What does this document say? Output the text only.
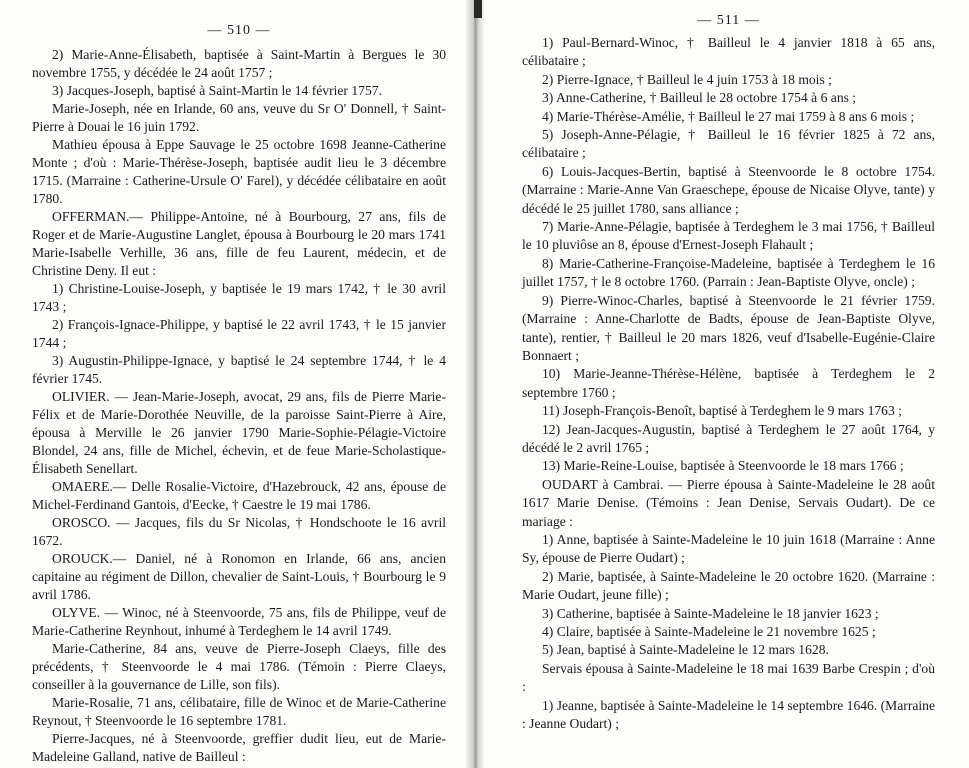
— 510 —

2) Marie-Anne-Élisabeth, baptisée à Saint-Martin à Bergues le 30 novembre 1755, y décédée le 24 août 1757 ;

3) Jacques-Joseph, baptisé à Saint-Martin le 14 février 1757.

Marie-Joseph, née en Irlande, 60 ans, veuve du Sr O' Donnell, † Saint-Pierre à Douai le 16 juin 1792.

Mathieu épousa à Eppe Sauvage le 25 octobre 1698 Jeanne-Catherine Monte ; d'où : Marie-Thérèse-Joseph, baptisée audit lieu le 3 décembre 1715. (Marraine : Catherine-Ursule O' Farel), y décédée célibataire en août 1780.

OFFERMAN.— Philippe-Antoine, né à Bourbourg, 27 ans, fils de Roger et de Marie-Augustine Langlet, épousa à Bourbourg le 20 mars 1741 Marie-Isabelle Verhille, 36 ans, fille de feu Laurent, médecin, et de Christine Deny. Il eut :

1) Christine-Louise-Joseph, y baptisée le 19 mars 1742, † le 30 avril 1743 ;

2) François-Ignace-Philippe, y baptisé le 22 avril 1743, † le 15 janvier 1744 ;

3) Augustin-Philippe-Ignace, y baptisé le 24 septembre 1744, † le 4 février 1745.

OLIVIER. — Jean-Marie-Joseph, avocat, 29 ans, fils de Pierre Marie-Félix et de Marie-Dorothée Neuville, de la paroisse Saint-Pierre à Aire, épousa à Merville le 26 janvier 1790 Marie-Sophie-Pélagie-Victoire Blondel, 24 ans, fille de Michel, échevin, et de feue Marie-Scholastique-Élisabeth Senellart.

OMAERE.— Delle Rosalie-Victoire, d'Hazebrouck, 42 ans, épouse de Michel-Ferdinand Gantois, d'Eecke, † Caestre le 19 mai 1786.

OROSCO. — Jacques, fils du Sr Nicolas, † Hondschoote le 16 avril 1672.

OROUCK.— Daniel, né à Ronomon en Irlande, 66 ans, ancien capitaine au régiment de Dillon, chevalier de Saint-Louis, † Bourbourg le 9 avril 1786.

OLYVE. — Winoc, né à Steenvoorde, 75 ans, fils de Philippe, veuf de Marie-Catherine Reynhout, inhumé à Terdeghem le 14 avril 1749.

Marie-Catherine, 84 ans, veuve de Pierre-Joseph Claeys, fille des précédents, † Steenvoorde le 4 mai 1786. (Témoin : Pierre Claeys, conseiller à la gouvernance de Lille, son fils).

Marie-Rosalie, 71 ans, célibataire, fille de Winoc et de Marie-Catherine Reynout, † Steenvoorde le 16 septembre 1781.

Pierre-Jacques, né à Steenvoorde, greffier dudit lieu, eut de Marie-Madeleine Galland, native de Bailleul :

— 511 —

1) Paul-Bernard-Winoc, † Bailleul le 4 janvier 1818 à 65 ans, célibataire ;

2) Pierre-Ignace, † Bailleul le 4 juin 1753 à 18 mois ;

3) Anne-Catherine, † Bailleul le 28 octobre 1754 à 6 ans ;

4) Marie-Thérèse-Amélie, † Bailleul le 27 mai 1759 à 8 ans 6 mois ;

5) Joseph-Anne-Pélagie, † Bailleul le 16 février 1825 à 72 ans, célibataire ;

6) Louis-Jacques-Bertin, baptisé à Steenvoorde le 8 octobre 1754. (Marraine : Marie-Anne Van Graeschepe, épouse de Nicaise Olyve, tante) y décédé le 25 juillet 1780, sans alliance ;

7) Marie-Anne-Pélagie, baptisée à Terdeghem le 3 mai 1756, † Bailleul le 10 pluviôse an 8, épouse d'Ernest-Joseph Flahault ;

8) Marie-Catherine-Françoise-Madeleine, baptisée à Terdeghem le 16 juillet 1757, † le 8 octobre 1760. (Parrain : Jean-Baptiste Olyve, oncle) ;

9) Pierre-Winoc-Charles, baptisé à Steenvoorde le 21 février 1759. (Marraine : Anne-Charlotte de Badts, épouse de Jean-Baptiste Olyve, tante), rentier, † Bailleul le 20 mars 1826, veuf d'Isabelle-Eugénie-Claire Bonnaert ;

10) Marie-Jeanne-Thérèse-Hélène, baptisée à Terdeghem le 2 septembre 1760 ;

11) Joseph-François-Benoît, baptisé à Terdeghem le 9 mars 1763 ;

12) Jean-Jacques-Augustin, baptisé à Terdeghem le 27 août 1764, y décédé le 2 avril 1765 ;

13) Marie-Reine-Louise, baptisée à Steenvoorde le 18 mars 1766 ;

OUDART à Cambrai. — Pierre épousa à Sainte-Madeleine le 28 août 1617 Marie Denise. (Témoins : Jean Denise, Servais Oudart). De ce mariage :

1) Anne, baptisée à Sainte-Madeleine le 10 juin 1618 (Marraine : Anne Sy, épouse de Pierre Oudart) ;

2) Marie, baptisée, à Sainte-Madeleine le 20 octobre 1620. (Marraine : Marie Oudart, jeune fille) ;

3) Catherine, baptisée à Sainte-Madeleine le 18 janvier 1623 ;

4) Claire, baptisée à Sainte-Madeleine le 21 novembre 1625 ;

5) Jean, baptisé à Sainte-Madeleine le 12 mars 1628.

Servais épousa à Sainte-Madeleine le 18 mai 1639 Barbe Crespin ; d'où :

1) Jeanne, baptisée à Sainte-Madeleine le 14 septembre 1646. (Marraine : Jeanne Oudart) ;
